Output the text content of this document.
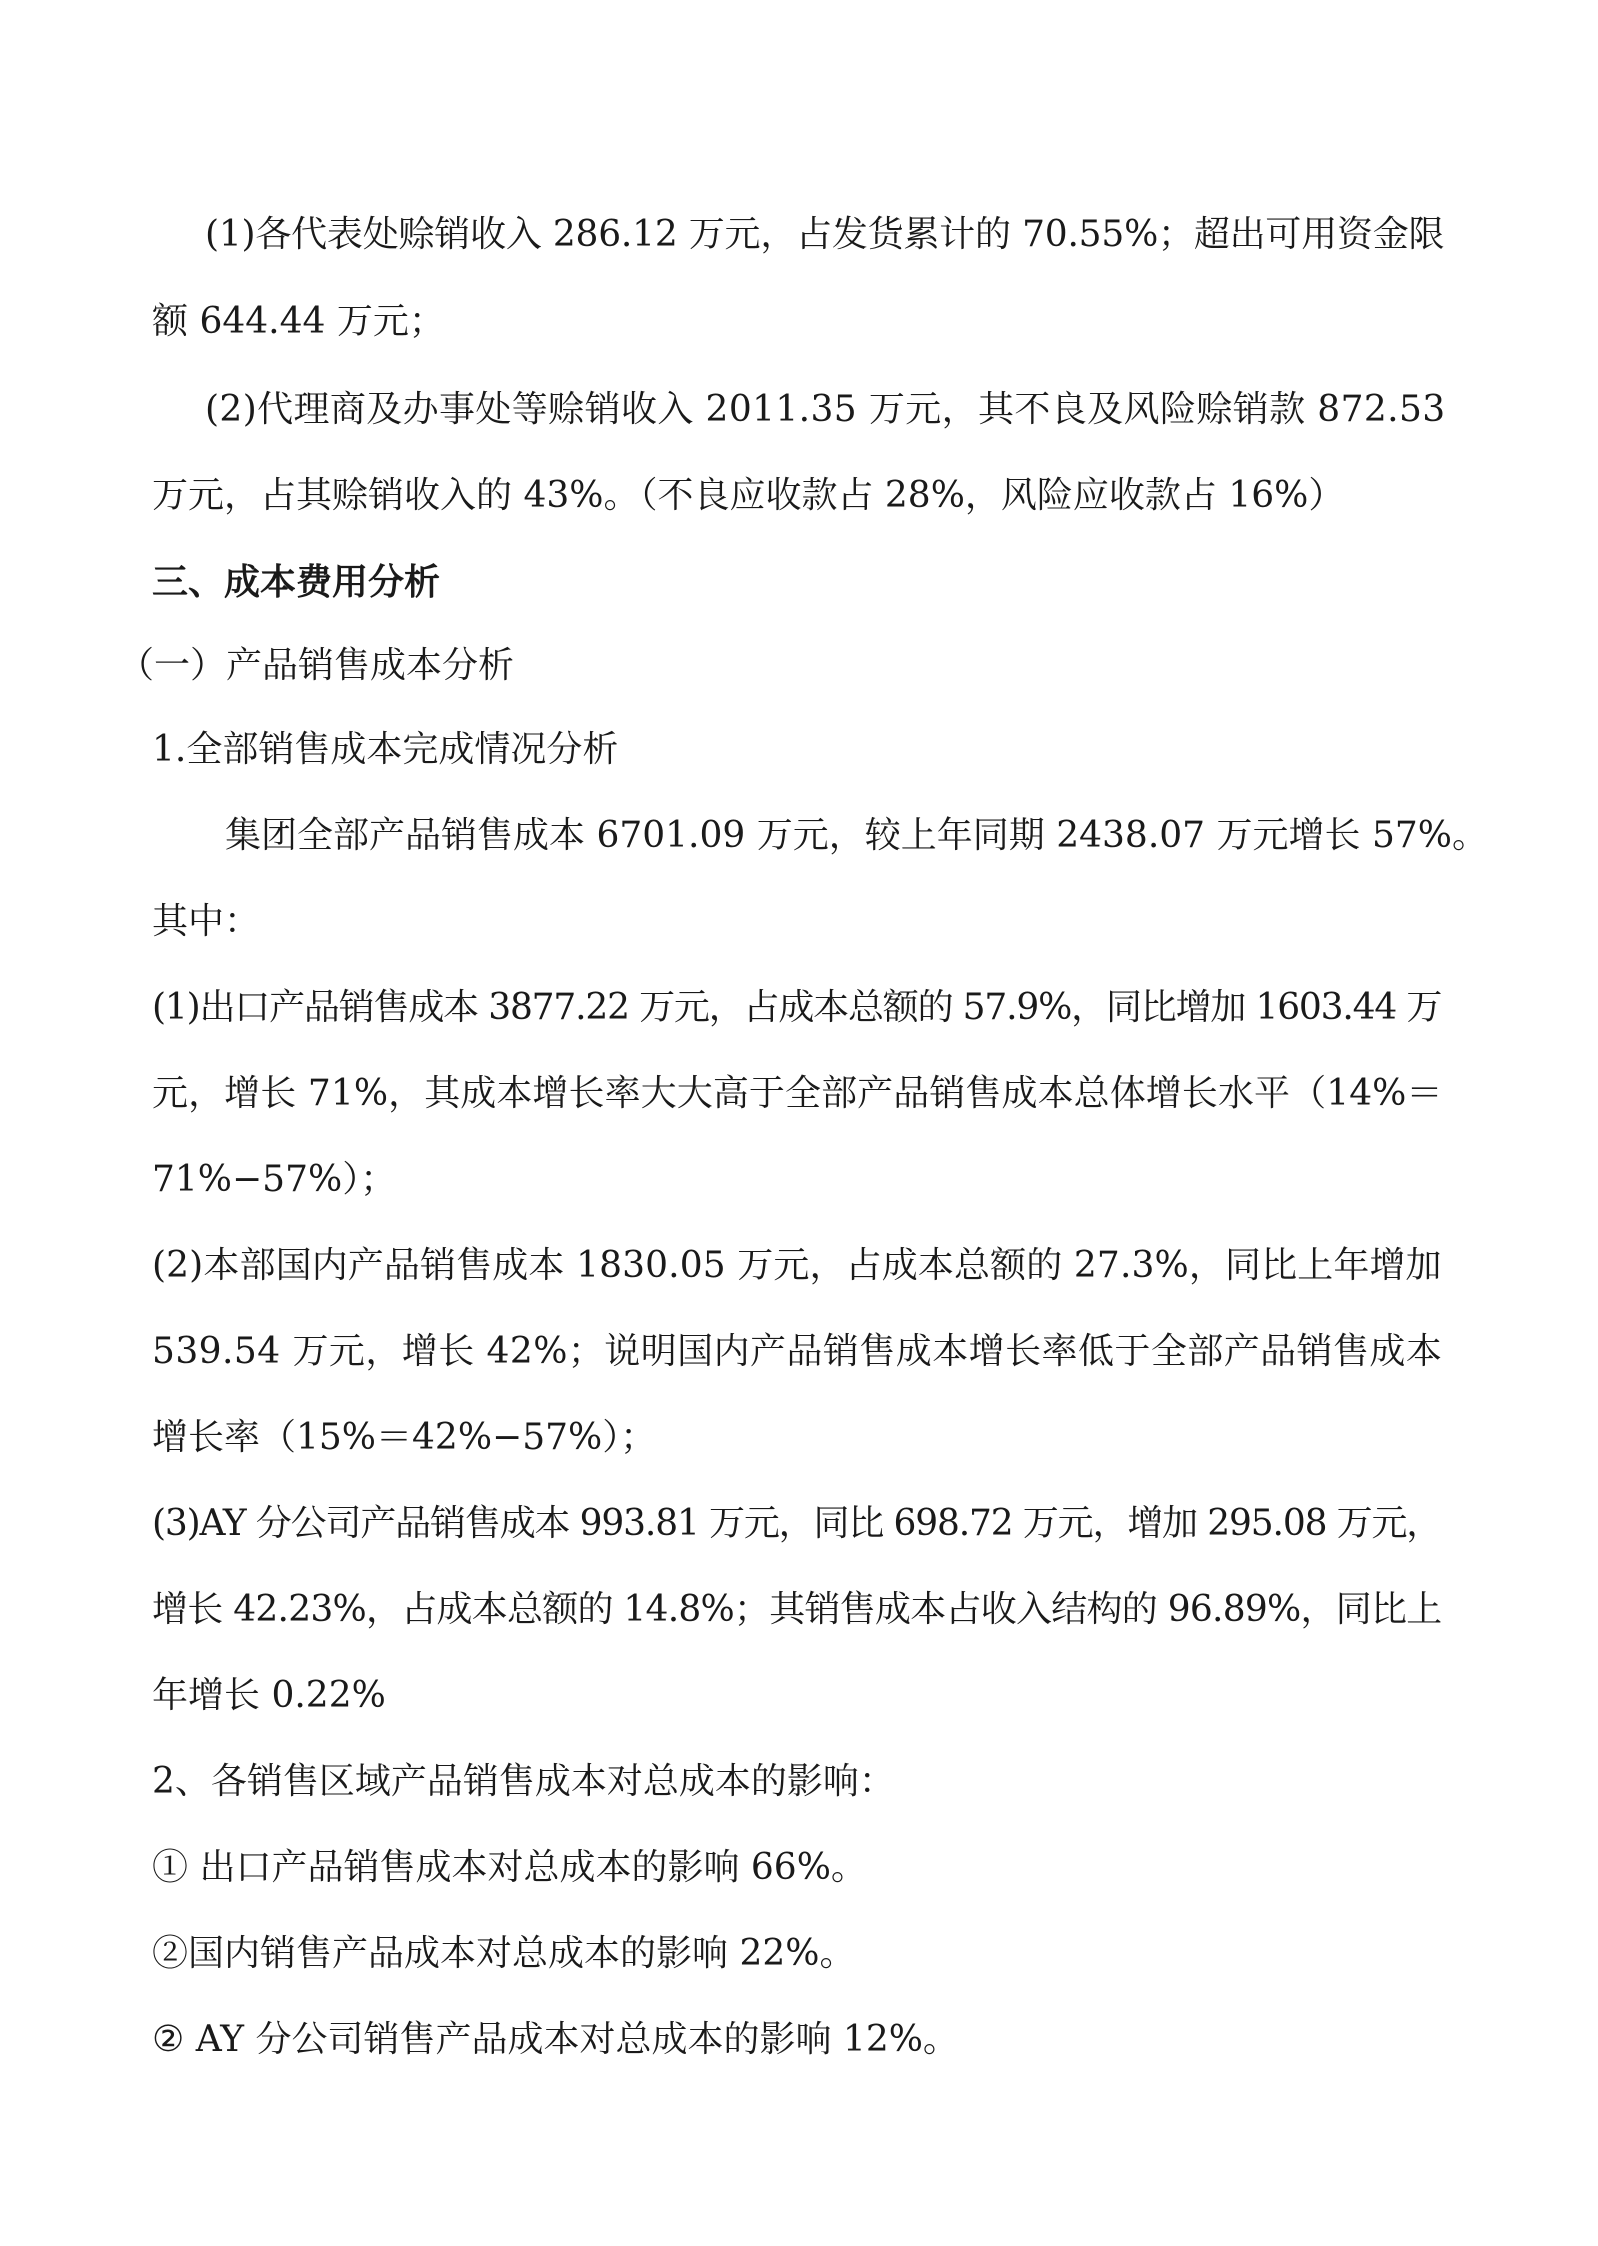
(1)各代表处赊销收入 286.12 万元，占发货累计的 70.55%；超出可用资金限
额 644.44 万元；
(2)代理商及办事处等赊销收入 2011.35 万元，其不良及风险赊销款 872.53
万元，占其赊销收入的 43%。（不良应收款占 28%，风险应收款占 16%）
三、成本费用分析
（一）产品销售成本分析
1.全部销售成本完成情况分析
集团全部产品销售成本 6701.09 万元，较上年同期 2438.07 万元增长 57%。
其中：
(1)出口产品销售成本 3877.22 万元，占成本总额的 57.9%，同比增加 1603.44 万
元，增长 71%，其成本增长率大大高于全部产品销售成本总体增长水平（14%＝
71%−57%）；
(2)本部国内产品销售成本 1830.05 万元，占成本总额的 27.3%，同比上年增加
539.54 万元，增长 42%；说明国内产品销售成本增长率低于全部产品销售成本
增长率（15%＝42%−57%）；
(3)AY 分公司产品销售成本 993.81 万元，同比 698.72 万元，增加 295.08 万元，
增长 42.23%，占成本总额的 14.8%；其销售成本占收入结构的 96.89%，同比上
年增长 0.22%
2、各销售区域产品销售成本对总成本的影响：
① 出口产品销售成本对总成本的影响 66%。
②国内销售产品成本对总成本的影响 22%。
② AY 分公司销售产品成本对总成本的影响 12%。
